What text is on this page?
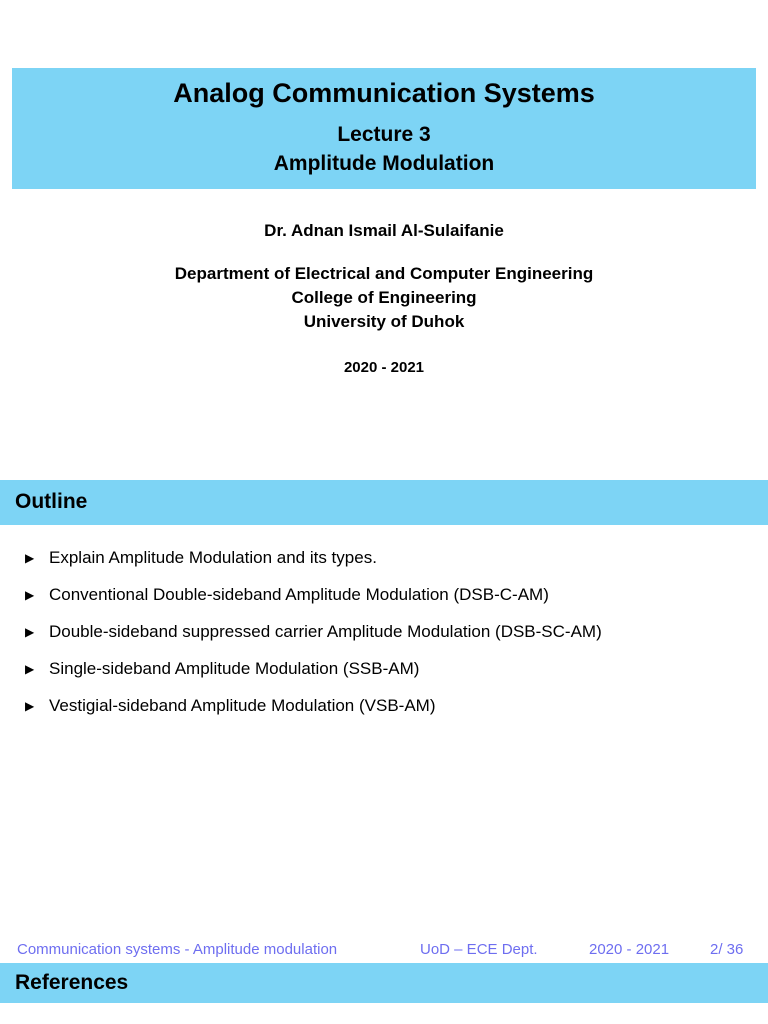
Analog Communication Systems
Lecture 3
Amplitude Modulation
Dr. Adnan Ismail Al-Sulaifanie
Department of Electrical and Computer Engineering
College of Engineering
University of Duhok
2020 - 2021
Outline
▶ Explain Amplitude Modulation and its types.
▶ Conventional Double-sideband Amplitude Modulation (DSB-C-AM)
▶ Double-sideband suppressed carrier Amplitude Modulation (DSB-SC-AM)
▶ Single-sideband Amplitude Modulation (SSB-AM)
▶ Vestigial-sideband Amplitude Modulation (VSB-AM)
Communication systems - Amplitude modulation	UoD – ECE Dept.	2020 - 2021	2/ 36
References
